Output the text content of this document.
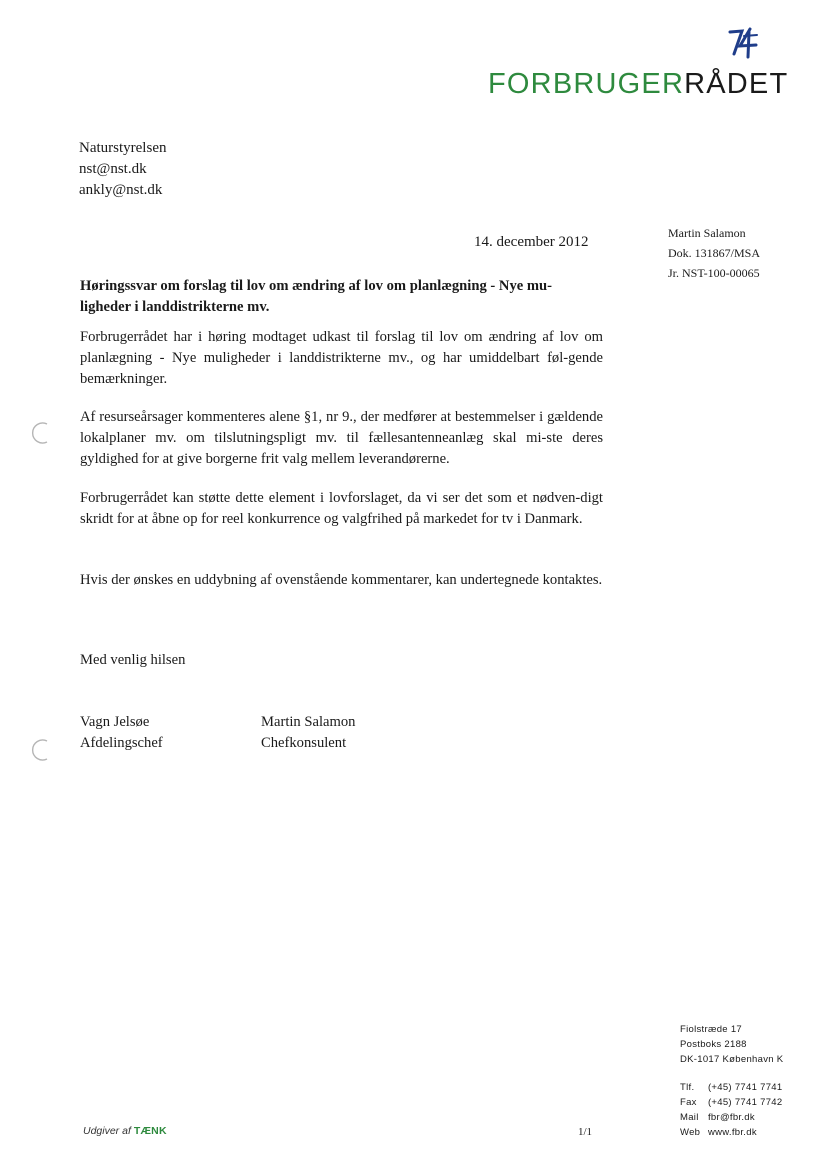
FORBRUGERRÅDET
Naturstyrelsen
nst@nst.dk
ankly@nst.dk
14. december 2012
Martin Salamon
Dok. 131867/MSA
Jr. NST-100-00065
Høringssvar om forslag til lov om ændring af lov om planlægning - Nye mu-ligheder i landdistrikterne mv.
Forbrugerrådet har i høring modtaget udkast til forslag til lov om ændring af lov om planlægning - Nye muligheder i landdistrikterne mv., og har umiddelbart føl-gende bemærkninger.
Af resurseårsager kommenteres alene §1, nr 9., der medfører at bestemmelser i gældende lokalplaner mv. om tilslutningspligt mv. til fællesantenneanlæg skal mi-ste deres gyldighed for at give borgerne frit valg mellem leverandørerne.
Forbrugerrådet kan støtte dette element i lovforslaget, da vi ser det som et nødven-digt skridt for at åbne op for reel konkurrence og valgfrihed på markedet for tv i Danmark.
Hvis der ønskes en uddybning af ovenstående kommentarer, kan undertegnede kontaktes.
Med venlig hilsen
Vagn Jelsøe
Afdelingschef
Martin Salamon
Chefkonsulent
Fiolstræde 17
Postboks 2188
DK-1017 København K
Tlf. (+45) 7741 7741
Fax (+45) 7741 7742
Mail fbr@fbr.dk
Web www.fbr.dk
Udgiver af TÆNK	1/1
